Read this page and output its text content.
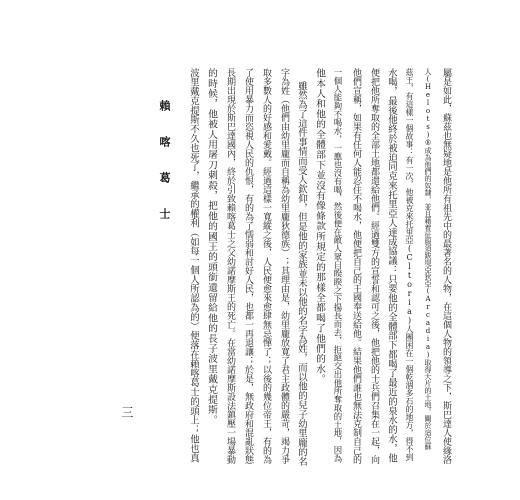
賴 喀 葛 士	屬是如此，蘇茲也無疑地是他所有祖先中的最著名的人物，在這個人物的領導之下，斯巴達人使緣洛
人(Helots)®成為他們的奴隸，並且藉着征服須跋堤亞狄亞(Arcadia)取得大片的土地。關於這位蘇
茲王，有這樣一個故事：有一次，他被克來托里亞(Cltoria)人團困在一個乾涸多石的地方，得不到
水喝，最後他終於被迫同克來托里亞人達成協議：只要他的全體部下都喝了最近的泉水的水，他
便把他所奪取的全部土地都還給他們。經過雙方的宣誓和認可之後，他把他的士兵們召集在一起，向
他們宣稱，如果有任何人能忍住不喝水，他便把自己的王國奉送給他。結果他們誰也無法克制自己的
一個人能夠不喝水，一應也沒有喝，然後便在敵人眾目睽睽之下揚長而去，拒絕交出他所奪取的土地，因為
他本人和他的全體部下並沒有像條款所規定的那樣全都喝了他們的水。
雖然為了這件事情而受人欽仰，但是他的家族並未以他的名字為姓，而以他的兒子幼里龐的名
字為姓（他們由幼里龐而自稱為幼里龐狄德族）；其理由是，幼里龐放寬了君主政體的嚴苛，竭力爭
取多數人的好感和愛戴。經過這樣一寬縱之後，人民便愈來愈肆無忌憚了；以後的幾位帝王，有的為
了使用暴力而恣視人民的仇恨，有的為了懦弱和討好人民，也都一再退讓；於是，無政府和混亂狀態
長期出現於斯巴達國內，終於引致賴喀葛士之父幼諾摩斯王的死亡。在當幼諾摩斯設法鎮壓一場暴動
的時候，他被人用屠刀刺殺，把他的國王的頭銜遺留給他的長子波里戴克提斯。
波里戴克提斯不久也死了，繼承的權利（如每一個人所認為的）便落在賴喀葛士的頭上；他也真
三
